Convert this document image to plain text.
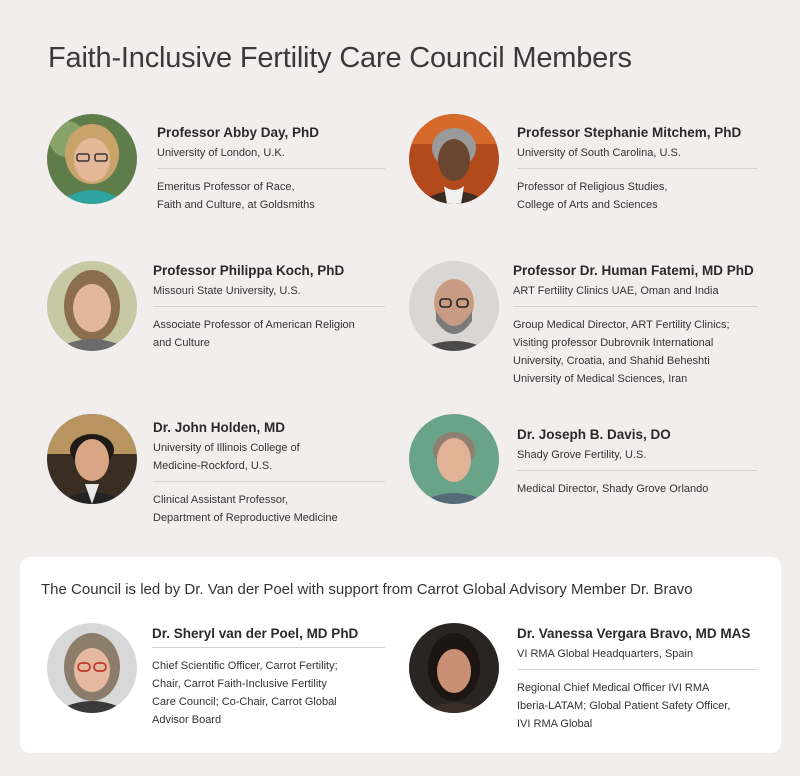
Faith-Inclusive Fertility Care Council Members
Professor Abby Day, PhD
University of London, U.K.
Emeritus Professor of Race,
Faith and Culture, at Goldsmiths
Professor Stephanie Mitchem, PhD
University of South Carolina, U.S.
Professor of Religious Studies,
College of Arts and Sciences
Professor Philippa Koch, PhD
Missouri State University, U.S.
Associate Professor of American Religion
and Culture
Professor Dr. Human Fatemi, MD PhD
ART Fertility Clinics UAE, Oman and India
Group Medical Director, ART Fertility Clinics;
Visiting professor Dubrovnik International
University, Croatia, and Shahid Beheshti
University of Medical Sciences, Iran
Dr. John Holden, MD
University of Illinois College of
Medicine-Rockford, U.S.
Clinical Assistant Professor,
Department of Reproductive Medicine
Dr. Joseph B. Davis, DO
Shady Grove Fertility, U.S.
Medical Director, Shady Grove Orlando
The Council is led by Dr. Van der Poel with support from Carrot Global Advisory Member Dr. Bravo
Dr. Sheryl van der Poel, MD PhD
Chief Scientific Officer, Carrot Fertility;
Chair, Carrot Faith-Inclusive Fertility
Care Council; Co-Chair, Carrot Global
Advisor Board
Dr. Vanessa Vergara Bravo, MD MAS
VI RMA Global Headquarters, Spain
Regional Chief Medical Officer IVI RMA
Iberia-LATAM; Global Patient Safety Officer,
IVI RMA Global
